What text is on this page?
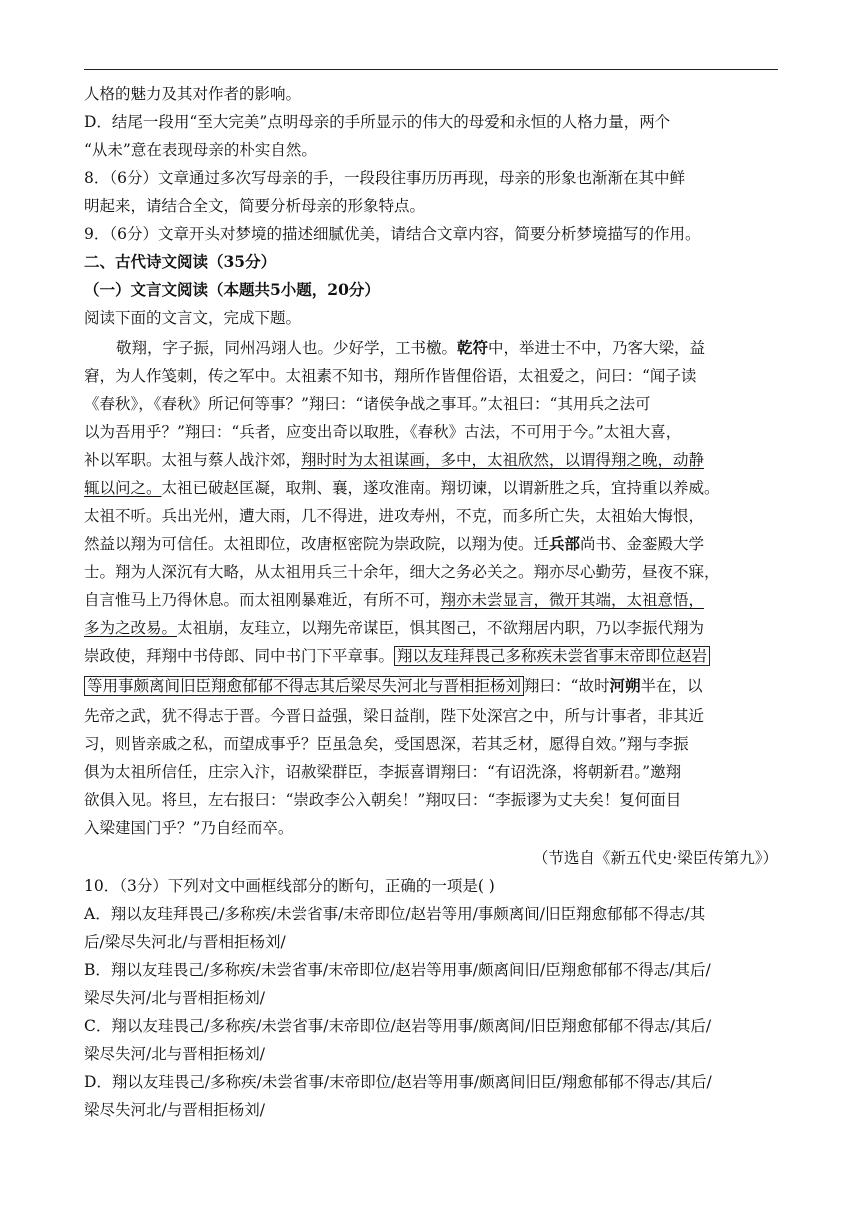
人格的魅力及其对作者的影响。
D．结尾一段用“至大完美”点明母亲的手所显示的伟大的母爱和永恒的人格力量，两个
“从未”意在表现母亲的朴实自然。
8．（6分）文章通过多次写母亲的手，一段段往事历历再现，母亲的形象也渐渐在其中鲜
明起来，请结合全文，简要分析母亲的形象特点。
9．（6分）文章开头对梦境的描述细腻优美，请结合文章内容，简要分析梦境描写的作用。
二、古代诗文阅读（35分）
（一）文言文阅读（本题共5小题，20分）
阅读下面的文言文，完成下题。
敬翔，字子振，同州冯翊人也。少好学，工书檄。乾符中，举进士不中，乃客大梁，益
窘，为人作笺刺，传之军中。太祖素不知书，翔所作皆俚俗语，太祖爱之，问曰：“闻子读
《春秋》，《春秋》所记何等事？”翔曰：“诸侯争战之事耳。”太祖曰：“其用兵之法可
以为吾用乎？”翔曰：“兵者，应变出奇以取胜，《春秋》古法，不可用于今。”太祖大喜，
补以军职。太祖与蔡人战汴郊，翔时时为太祖谋画，多中，太祖欣然，以谓得翔之晚，动静
辄以问之。太祖已破赵匡凝，取荆、襄，遂攻淮南。翔切谏，以谓新胜之兵，宜持重以养威。
太祖不听。兵出光州，遭大雨，几不得进，进攻寿州，不克，而多所亡失，太祖始大悔恨，
然益以翔为可信任。太祖即位，改唐枢密院为崇政院，以翔为使。迁兵部尚书、金銮殿大学
士。翔为人深沉有大略，从太祖用兵三十余年，细大之务必关之。翔亦尽心勤劳，昼夜不寐，
自言惟马上乃得休息。而太祖刚暴难近，有所不可，翔亦未尝显言，微开其端，太祖意悟，
多为之改易。太祖崩，友珪立，以翔先帝谋臣，惧其图己，不欲翔居内职，乃以李振代翔为
崇政使，拜翔中书侍郎、同中书门下平章事。 翔以友珪拜畏己多称疾未尝省事末帝即位赵岩
等用事颇离间旧臣翔愈郁郁不得志其后梁尽失河北与晋相拒杨刘 翔曰：“故时河朔半在，以
先帝之武，犹不得志于晋。今晋日益强，梁日益削，陛下处深宫之中，所与计事者，非其近
习，则皆亲戚之私，而望成事乎？臣虽急矣，受国恩深，若其乏材，愿得自效。”翔与李振
俱为太祖所信任，庄宗入汴，诏赦梁群臣，李振喜谓翔曰：“有诏洗涤，将朝新君。”邀翔
欲俱入见。将旦，左右报曰：“崇政李公入朝矣！”翔叹曰：“李振谬为丈夫矣！复何面目
入梁建国门乎？”乃自经而卒。
（节选自《新五代史·梁臣传第九》）
10．（3分）下列对文中画框线部分的断句，正确的一项是( )
A．翔以友珪拜畏己/多称疾/未尝省事/末帝即位/赵岩等用/事颇离间/旧臣翔愈郁郁不得志/其
后/梁尽失河北/与晋相拒杨刘/
B．翔以友珪畏己/多称疾/未尝省事/末帝即位/赵岩等用事/颇离间旧/臣翔愈郁郁不得志/其后/
梁尽失河/北与晋相拒杨刘/
C．翔以友珪畏己/多称疾/未尝省事/末帝即位/赵岩等用事/颇离间/旧臣翔愈郁郁不得志/其后/
梁尽失河/北与晋相拒杨刘/
D．翔以友珪畏己/多称疾/未尝省事/末帝即位/赵岩等用事/颇离间旧臣/翔愈郁郁不得志/其后/
梁尽失河北/与晋相拒杨刘/
